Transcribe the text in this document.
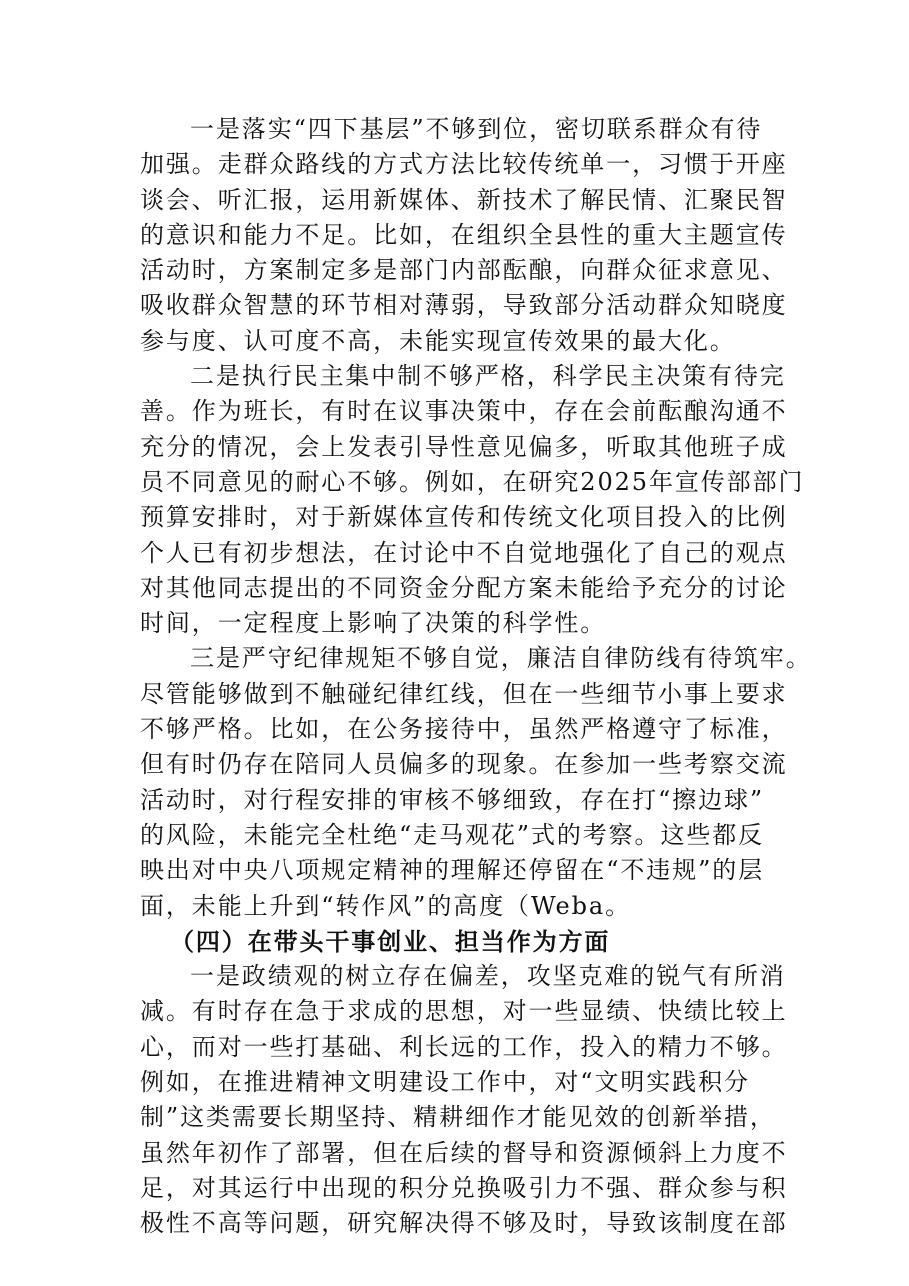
一是落实“四下基层”不够到位，密切联系群众有待
加强。走群众路线的方式方法比较传统单一，习惯于开座
谈会、听汇报，运用新媒体、新技术了解民情、汇聚民智
的意识和能力不足。比如，在组织全县性的重大主题宣传
活动时，方案制定多是部门内部酝酿，向群众征求意见、
吸收群众智慧的环节相对薄弱，导致部分活动群众知晓度
参与度、认可度不高，未能实现宣传效果的最大化。
二是执行民主集中制不够严格，科学民主决策有待完
善。作为班长，有时在议事决策中，存在会前酝酿沟通不
充分的情况，会上发表引导性意见偏多，听取其他班子成
员不同意见的耐心不够。例如，在研究2025年宣传部部门
预算安排时，对于新媒体宣传和传统文化项目投入的比例
个人已有初步想法，在讨论中不自觉地强化了自己的观点
对其他同志提出的不同资金分配方案未能给予充分的讨论
时间，一定程度上影响了决策的科学性。
三是严守纪律规矩不够自觉，廉洁自律防线有待筑牢。
尽管能够做到不触碰纪律红线，但在一些细节小事上要求
不够严格。比如，在公务接待中，虽然严格遵守了标准，
但有时仍存在陪同人员偏多的现象。在参加一些考察交流
活动时，对行程安排的审核不够细致，存在打“擦边球”
的风险，未能完全杜绝“走马观花”式的考察。这些都反
映出对中央八项规定精神的理解还停留在“不违规”的层
面，未能上升到“转作风”的高度（Weba。
（四）在带头干事创业、担当作为方面
一是政绩观的树立存在偏差，攻坚克难的锐气有所消
减。有时存在急于求成的思想，对一些显绩、快绩比较上
心，而对一些打基础、利长远的工作，投入的精力不够。
例如，在推进精神文明建设工作中，对“文明实践积分
制”这类需要长期坚持、精耕细作才能见效的创新举措，
虽然年初作了部署，但在后续的督导和资源倾斜上力度不
足，对其运行中出现的积分兑换吸引力不强、群众参与积
极性不高等问题，研究解决得不够及时，导致该制度在部
